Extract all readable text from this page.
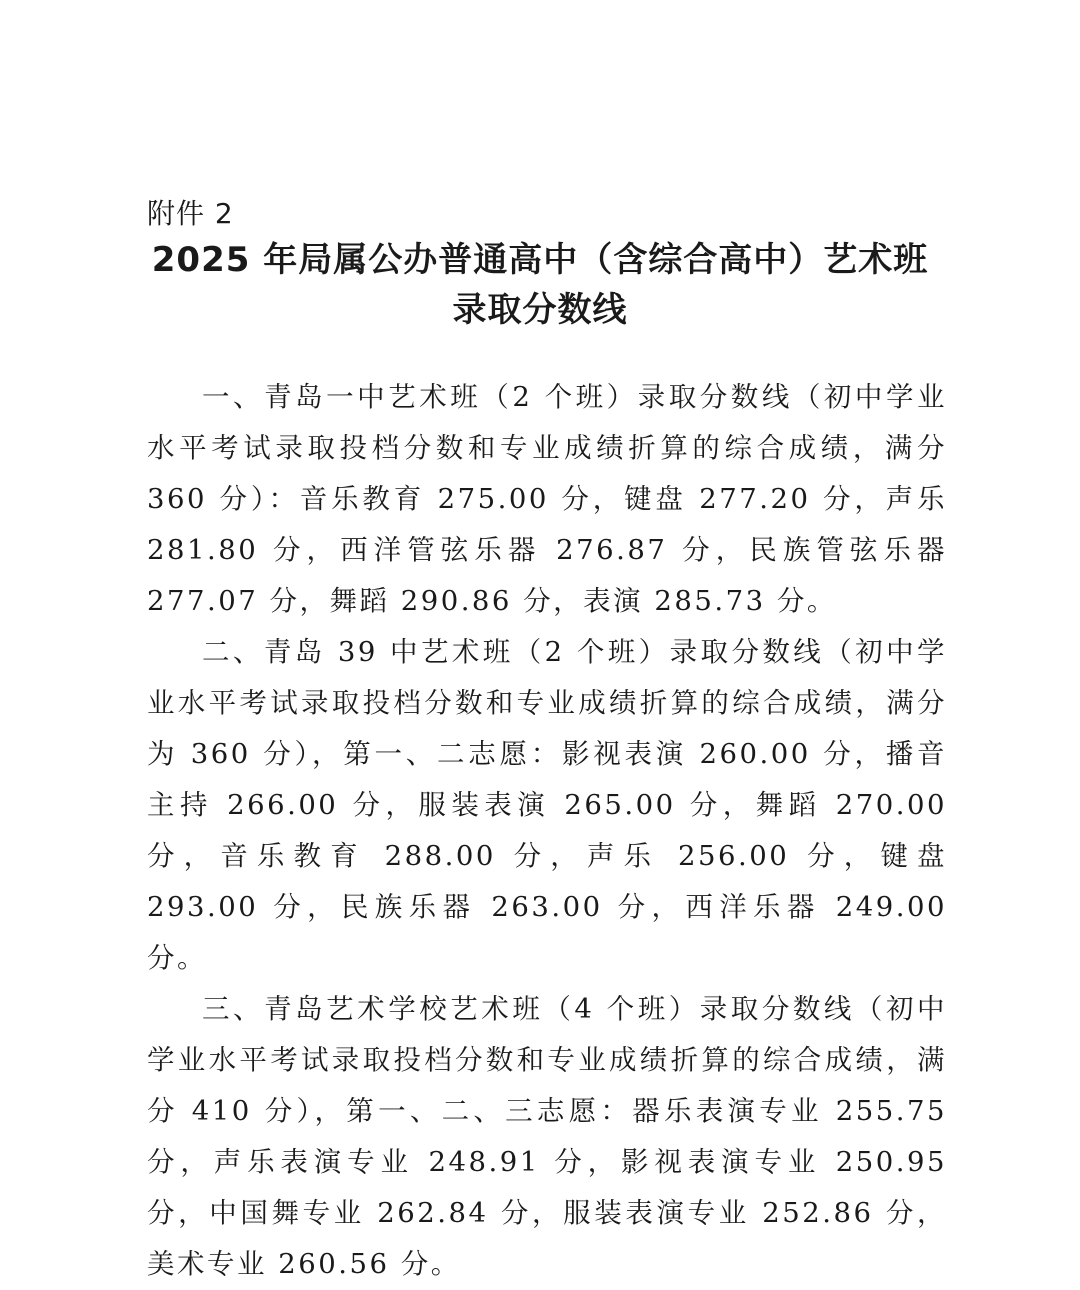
附件 2
2025 年局属公办普通高中（含综合高中）艺术班
录取分数线

一、青岛一中艺术班（2 个班）录取分数线（初中学业水平考试录取投档分数和专业成绩折算的综合成绩，满分 360 分）：音乐教育 275.00 分，键盘 277.20 分，声乐 281.80 分，西洋管弦乐器 276.87 分，民族管弦乐器 277.07 分，舞蹈 290.86 分，表演 285.73 分。

二、青岛 39 中艺术班（2 个班）录取分数线（初中学业水平考试录取投档分数和专业成绩折算的综合成绩，满分为 360 分），第一、二志愿：影视表演 260.00 分，播音主持 266.00 分，服装表演 265.00 分，舞蹈 270.00 分，音乐教育 288.00 分，声乐 256.00 分，键盘 293.00 分，民族乐器 263.00 分，西洋乐器 249.00 分。

三、青岛艺术学校艺术班（4 个班）录取分数线（初中学业水平考试录取投档分数和专业成绩折算的综合成绩，满分 410 分），第一、二、三志愿：器乐表演专业 255.75 分，声乐表演专业 248.91 分，影视表演专业 250.95 分，中国舞专业 262.84 分，服装表演专业 252.86 分，美术专业 260.56 分。
